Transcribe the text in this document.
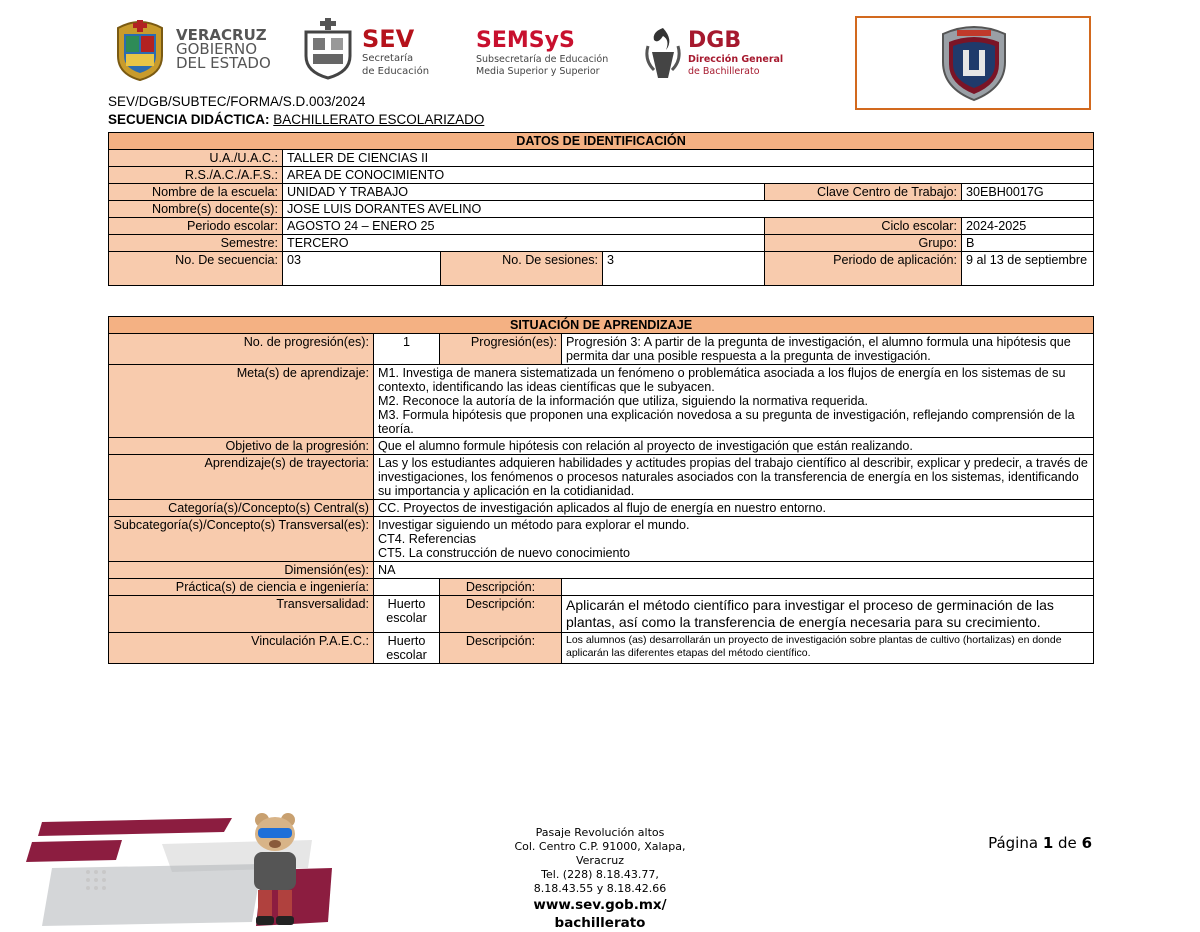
VERACRUZ
GOBIERNO
DEL ESTADO
SEV
Secretaría
de Educación
SEMSyS
Subsecretaría de Educación
Media Superior y Superior
DGB
Dirección General
de Bachillerato
SEV/DGB/SUBTEC/FORMA/S.D.003/2024
SECUENCIA DIDÁCTICA: BACHILLERATO ESCOLARIZADO
DATOS DE IDENTIFICACIÓN					
U.A./U.A.C.:	TALLER DE CIENCIAS II				
R.S./A.C./A.F.S.:	AREA DE CONOCIMIENTO				
Nombre de la escuela:	UNIDAD Y TRABAJO			Clave Centro de Trabajo:	30EBH0017G
Nombre(s) docente(s):	JOSE LUIS DORANTES AVELINO				
Periodo escolar:	AGOSTO 24 – ENERO 25			Ciclo escolar:	2024-2025
Semestre:	TERCERO			Grupo:	B
No. De secuencia:	03	No. De sesiones:	3	Periodo de aplicación:	9 al 13 de septiembre
SITUACIÓN DE APRENDIZAJE			
No. de progresión(es):	1	Progresión(es):	Progresión 3: A partir de la pregunta de investigación, el alumno formula una hipótesis que permita dar una posible respuesta a la pregunta de investigación.
Meta(s) de aprendizaje:	M1. Investiga de manera sistematizada un fenómeno o problemática asociada a los flujos de energía en los sistemas de su contexto, identificando las ideas científicas que le subyacen.
M2. Reconoce la autoría de la información que utiliza, siguiendo la normativa requerida.
M3. Formula hipótesis que proponen una explicación novedosa a su pregunta de investigación, reflejando comprensión de la teoría.		

Objetivo de la progresión:	Que el alumno formule hipótesis con relación al proyecto de investigación que están realizando.		
Aprendizaje(s) de trayectoria:	Las y los estudiantes adquieren habilidades y actitudes propias del trabajo científico al describir, explicar y predecir, a través de investigaciones, los fenómenos o procesos naturales asociados con la transferencia de energía en los sistemas, identificando su importancia y aplicación en la cotidianidad.		
Categoría(s)/Concepto(s) Central(s)	CC. Proyectos de investigación aplicados al flujo de energía en nuestro entorno.		
Subcategoría(s)/Concepto(s) Transversal(es):	Investigar siguiendo un método para explorar el mundo.
CT4. Referencias
CT5. La construcción de nuevo conocimiento		

Dimensión(es):	NA		
Práctica(s) de ciencia e ingeniería:		Descripción:	
Transversalidad:	Huerto escolar	Descripción:	Aplicarán el método científico para investigar el proceso de germinación de las plantas, así como la transferencia de energía necesaria para su crecimiento.
Vinculación P.A.E.C.:	Huerto escolar	Descripción:	Los alumnos (as) desarrollarán un proyecto de investigación sobre plantas de cultivo (hortalizas) en donde aplicarán las diferentes etapas del método científico.
Pasaje Revolución altos
Col. Centro C.P. 91000, Xalapa,
Veracruz
Tel. (228) 8.18.43.77,
8.18.43.55 y 8.18.42.66
www.sev.gob.mx/
bachillerato
Página 1 de 6
